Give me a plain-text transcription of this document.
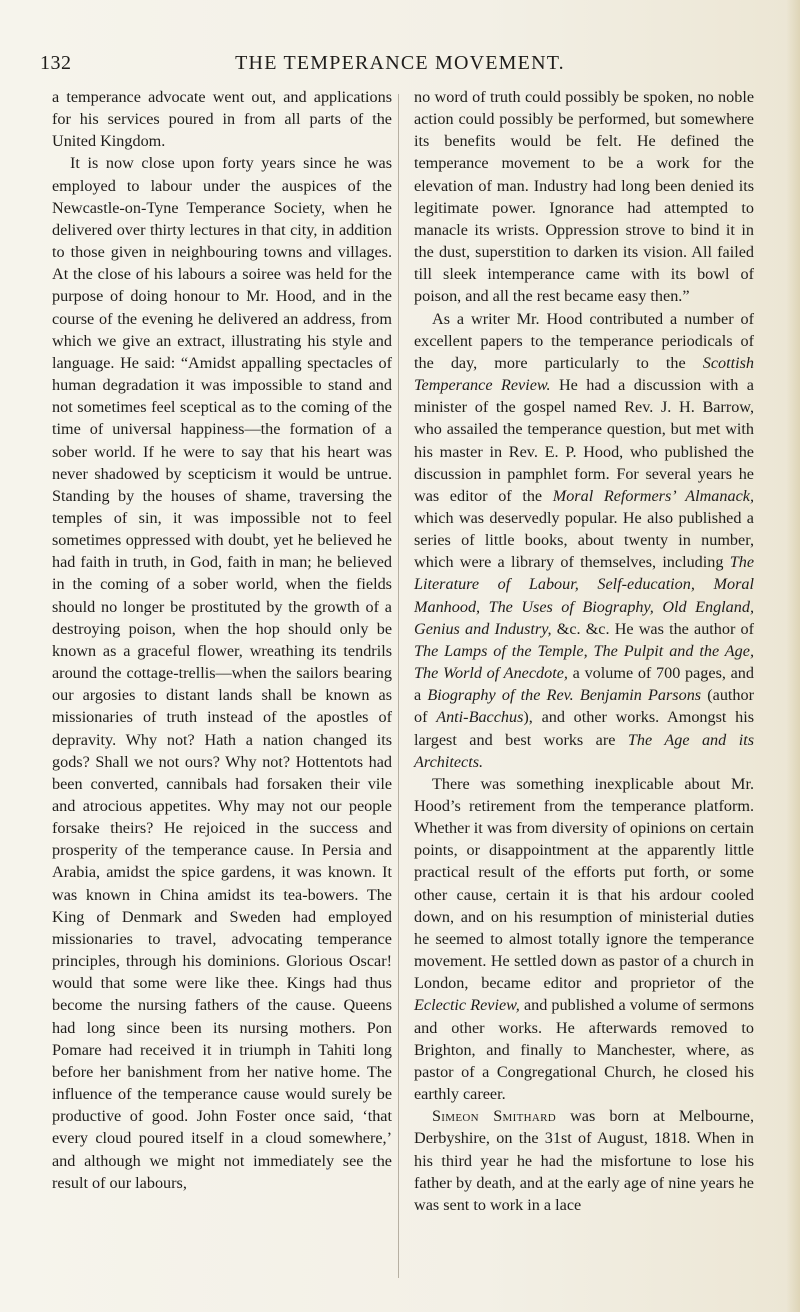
132	THE TEMPERANCE MOVEMENT.

a temperance advocate went out, and applications for his services poured in from all parts of the United Kingdom.

It is now close upon forty years since he was employed to labour under the auspices of the Newcastle-on-Tyne Temperance Society, when he delivered over thirty lectures in that city, in addition to those given in neighbouring towns and villages. At the close of his labours a soiree was held for the purpose of doing honour to Mr. Hood, and in the course of the evening he delivered an address, from which we give an extract, illustrating his style and language. He said: “Amidst appalling spectacles of human degradation it was impossible to stand and not sometimes feel sceptical as to the coming of the time of universal happiness—the formation of a sober world. If he were to say that his heart was never shadowed by scepticism it would be untrue. Standing by the houses of shame, traversing the temples of sin, it was impossible not to feel sometimes oppressed with doubt, yet he believed he had faith in truth, in God, faith in man; he believed in the coming of a sober world, when the fields should no longer be prostituted by the growth of a destroying poison, when the hop should only be known as a graceful flower, wreathing its tendrils around the cottage-trellis—when the sailors bearing our argosies to distant lands shall be known as missionaries of truth instead of the apostles of depravity. Why not? Hath a nation changed its gods? Shall we not ours? Why not? Hottentots had been converted, cannibals had forsaken their vile and atrocious appetites. Why may not our people forsake theirs? He rejoiced in the success and prosperity of the temperance cause. In Persia and Arabia, amidst the spice gardens, it was known. It was known in China amidst its tea-bowers. The King of Denmark and Sweden had employed missionaries to travel, advocating temperance principles, through his dominions. Glorious Oscar! would that some were like thee. Kings had thus become the nursing fathers of the cause. Queens had long since been its nursing mothers. Pon Pomare had received it in triumph in Tahiti long before her banishment from her native home. The influence of the temperance cause would surely be productive of good. John Foster once said, ‘that every cloud poured itself in a cloud somewhere,’ and although we might not immediately see the result of our labours,

no word of truth could possibly be spoken, no noble action could possibly be performed, but somewhere its benefits would be felt. He defined the temperance movement to be a work for the elevation of man. Industry had long been denied its legitimate power. Ignorance had attempted to manacle its wrists. Oppression strove to bind it in the dust, superstition to darken its vision. All failed till sleek intemperance came with its bowl of poison, and all the rest became easy then.”

As a writer Mr. Hood contributed a number of excellent papers to the temperance periodicals of the day, more particularly to the Scottish Temperance Review. He had a discussion with a minister of the gospel named Rev. J. H. Barrow, who assailed the temperance question, but met with his master in Rev. E. P. Hood, who published the discussion in pamphlet form. For several years he was editor of the Moral Reformers’ Almanack, which was deservedly popular. He also published a series of little books, about twenty in number, which were a library of themselves, including The Literature of Labour, Self-education, Moral Manhood, The Uses of Biography, Old England, Genius and Industry, &c. &c. He was the author of The Lamps of the Temple, The Pulpit and the Age, The World of Anecdote, a volume of 700 pages, and a Biography of the Rev. Benjamin Parsons (author of Anti-Bacchus), and other works. Amongst his largest and best works are The Age and its Architects.

There was something inexplicable about Mr. Hood’s retirement from the temperance platform. Whether it was from diversity of opinions on certain points, or disappointment at the apparently little practical result of the efforts put forth, or some other cause, certain it is that his ardour cooled down, and on his resumption of ministerial duties he seemed to almost totally ignore the temperance movement. He settled down as pastor of a church in London, became editor and proprietor of the Eclectic Review, and published a volume of sermons and other works. He afterwards removed to Brighton, and finally to Manchester, where, as pastor of a Congregational Church, he closed his earthly career.

Simeon Smithard was born at Melbourne, Derbyshire, on the 31st of August, 1818. When in his third year he had the misfortune to lose his father by death, and at the early age of nine years he was sent to work in a lace
